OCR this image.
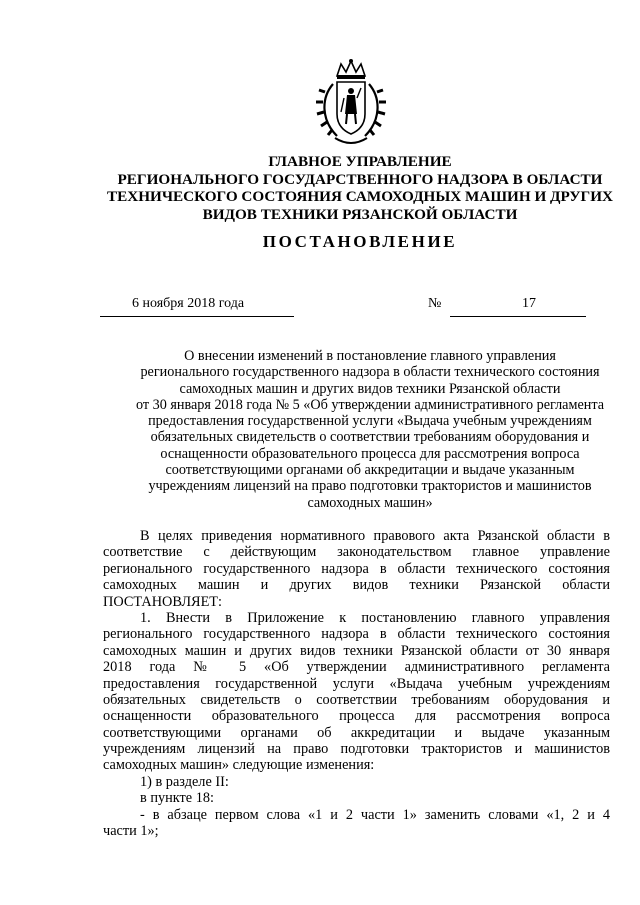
ГЛАВНОЕ УПРАВЛЕНИЕ
РЕГИОНАЛЬНОГО ГОСУДАРСТВЕННОГО НАДЗОРА В ОБЛАСТИ
ТЕХНИЧЕСКОГО СОСТОЯНИЯ САМОХОДНЫХ МАШИН И ДРУГИХ
ВИДОВ ТЕХНИКИ РЯЗАНСКОЙ ОБЛАСТИ
ПОСТАНОВЛЕНИЕ
6 ноября 2018 года	№	17
О внесении изменений в постановление главного управления
регионального государственного надзора в области технического состояния
самоходных машин и других видов техники Рязанской области
от 30 января 2018 года № 5 «Об утверждении административного регламента
предоставления государственной услуги «Выдача учебным учреждениям
обязательных свидетельств о соответствии требованиям оборудования и
оснащенности образовательного процесса для рассмотрения вопроса
соответствующими органами об аккредитации и выдаче указанным
учреждениям лицензий на право подготовки трактористов и машинистов
самоходных машин»
В целях приведения нормативного правового акта Рязанской области в
соответствие с действующим законодательством главное управление
регионального государственного надзора в области технического состояния
самоходных машин и других видов техники Рязанской области
ПОСТАНОВЛЯЕТ:
1. Внести в Приложение к постановлению главного управления
регионального государственного надзора в области технического состояния
самоходных машин и других видов техники Рязанской области от 30 января
2018 года № 5 «Об утверждении административного регламента
предоставления государственной услуги «Выдача учебным учреждениям
обязательных свидетельств о соответствии требованиям оборудования и
оснащенности образовательного процесса для рассмотрения вопроса
соответствующими органами об аккредитации и выдаче указанным
учреждениям лицензий на право подготовки трактористов и машинистов
самоходных машин» следующие изменения:
1) в разделе II:
в пункте 18:
- в абзаце первом слова «1 и 2 части 1» заменить словами «1, 2 и 4
части 1»;
